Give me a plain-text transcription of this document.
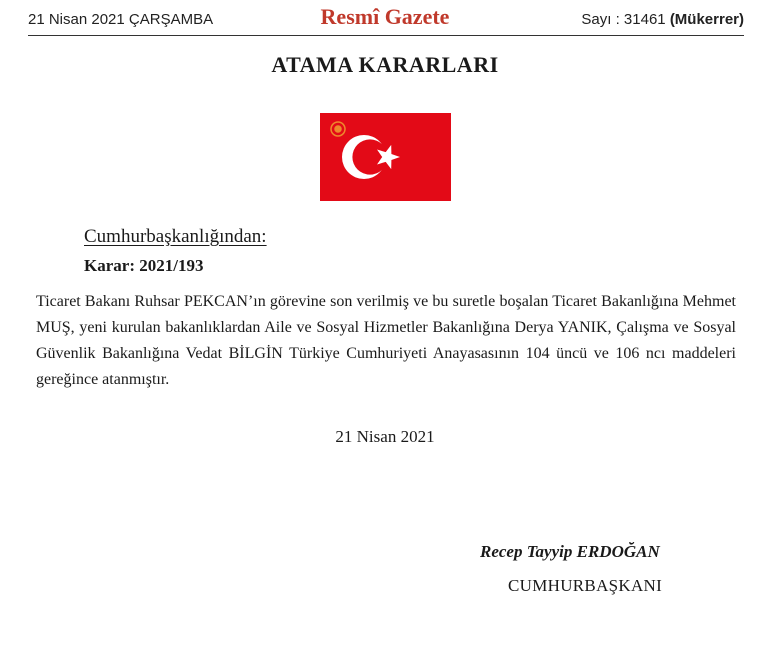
21 Nisan 2021 ÇARŞAMBA	Resmî Gazete	Sayı : 31461 (Mükerrer)
ATAMA KARARLARI
Cumhurbaşkanlığından:
Karar: 2021/193
Ticaret Bakanı Ruhsar PEKCAN’ın görevine son verilmiş ve bu suretle boşalan Ticaret Bakanlığına Mehmet MUŞ, yeni kurulan bakanlıklardan Aile ve Sosyal Hizmetler Bakanlığına Derya YANIK, Çalışma ve Sosyal Güvenlik Bakanlığına Vedat BİLGİN Türkiye Cumhuriyeti Anayasasının 104 üncü ve 106 ncı maddeleri gereğince atanmıştır.
21 Nisan 2021
Recep Tayyip ERDOĞAN
CUMHURBAŞKANI
